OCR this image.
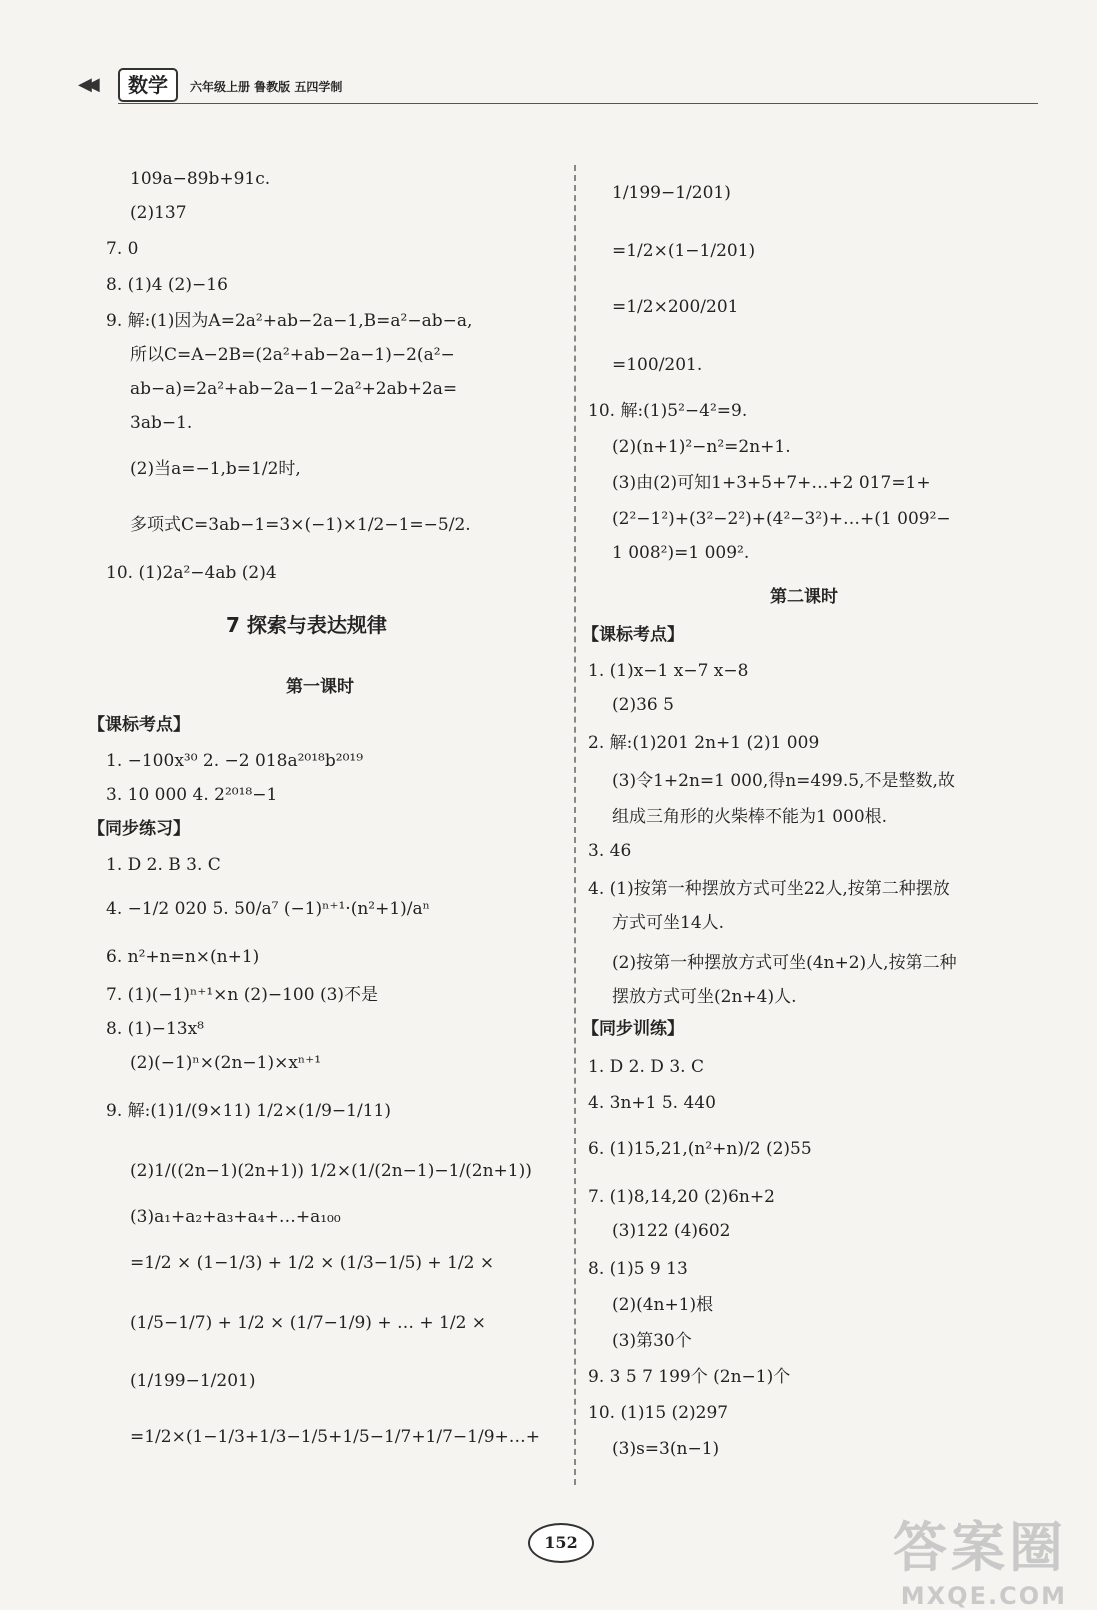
◀◀	数学	六年级上册 鲁教版 五四学制
109a−89b+91c.
(2)137
7. 0
8. (1)4 (2)−16
9. 解:(1)因为A=2a²+ab−2a−1,B=a²−ab−a,
所以C=A−2B=(2a²+ab−2a−1)−2(a²−
ab−a)=2a²+ab−2a−1−2a²+2ab+2a=
3ab−1.
(2)当a=−1,b=1/2时,
多项式C=3ab−1=3×(−1)×1/2−1=−5/2.
10. (1)2a²−4ab (2)4
7 探索与表达规律
第一课时
【课标考点】
1. −100x³⁰ 2. −2 018a²⁰¹⁸b²⁰¹⁹
3. 10 000 4. 2²⁰¹⁸−1
【同步练习】
1. D 2. B 3. C
4. −1/2 020 5. 50/a⁷ (−1)ⁿ⁺¹·(n²+1)/aⁿ
6. n²+n=n×(n+1)
7. (1)(−1)ⁿ⁺¹×n (2)−100 (3)不是
8. (1)−13x⁸
(2)(−1)ⁿ×(2n−1)×xⁿ⁺¹
9. 解:(1)1/(9×11) 1/2×(1/9−1/11)
(2)1/((2n−1)(2n+1)) 1/2×(1/(2n−1)−1/(2n+1))
(3)a₁+a₂+a₃+a₄+…+a₁₀₀
=1/2 × (1−1/3) + 1/2 × (1/3−1/5) + 1/2 ×
(1/5−1/7) + 1/2 × (1/7−1/9) + … + 1/2 ×
(1/199−1/201)
=1/2×(1−1/3+1/3−1/5+1/5−1/7+1/7−1/9+…+
1/199−1/201)
=1/2×(1−1/201)
=1/2×200/201
=100/201.
10. 解:(1)5²−4²=9.
(2)(n+1)²−n²=2n+1.
(3)由(2)可知1+3+5+7+…+2 017=1+
(2²−1²)+(3²−2²)+(4²−3²)+…+(1 009²−
1 008²)=1 009².
第二课时
【课标考点】
1. (1)x−1 x−7 x−8
(2)36 5
2. 解:(1)201 2n+1 (2)1 009
(3)令1+2n=1 000,得n=499.5,不是整数,故
组成三角形的火柴棒不能为1 000根.
3. 46
4. (1)按第一种摆放方式可坐22人,按第二种摆放
方式可坐14人.
(2)按第一种摆放方式可坐(4n+2)人,按第二种
摆放方式可坐(2n+4)人.
【同步训练】
1. D 2. D 3. C
4. 3n+1 5. 440
6. (1)15,21,(n²+n)/2 (2)55
7. (1)8,14,20 (2)6n+2
(3)122 (4)602
8. (1)5 9 13
(2)(4n+1)根
(3)第30个
9. 3 5 7 199个 (2n−1)个
10. (1)15 (2)297
(3)s=3(n−1)
152	答案圈
MXQE.COM
